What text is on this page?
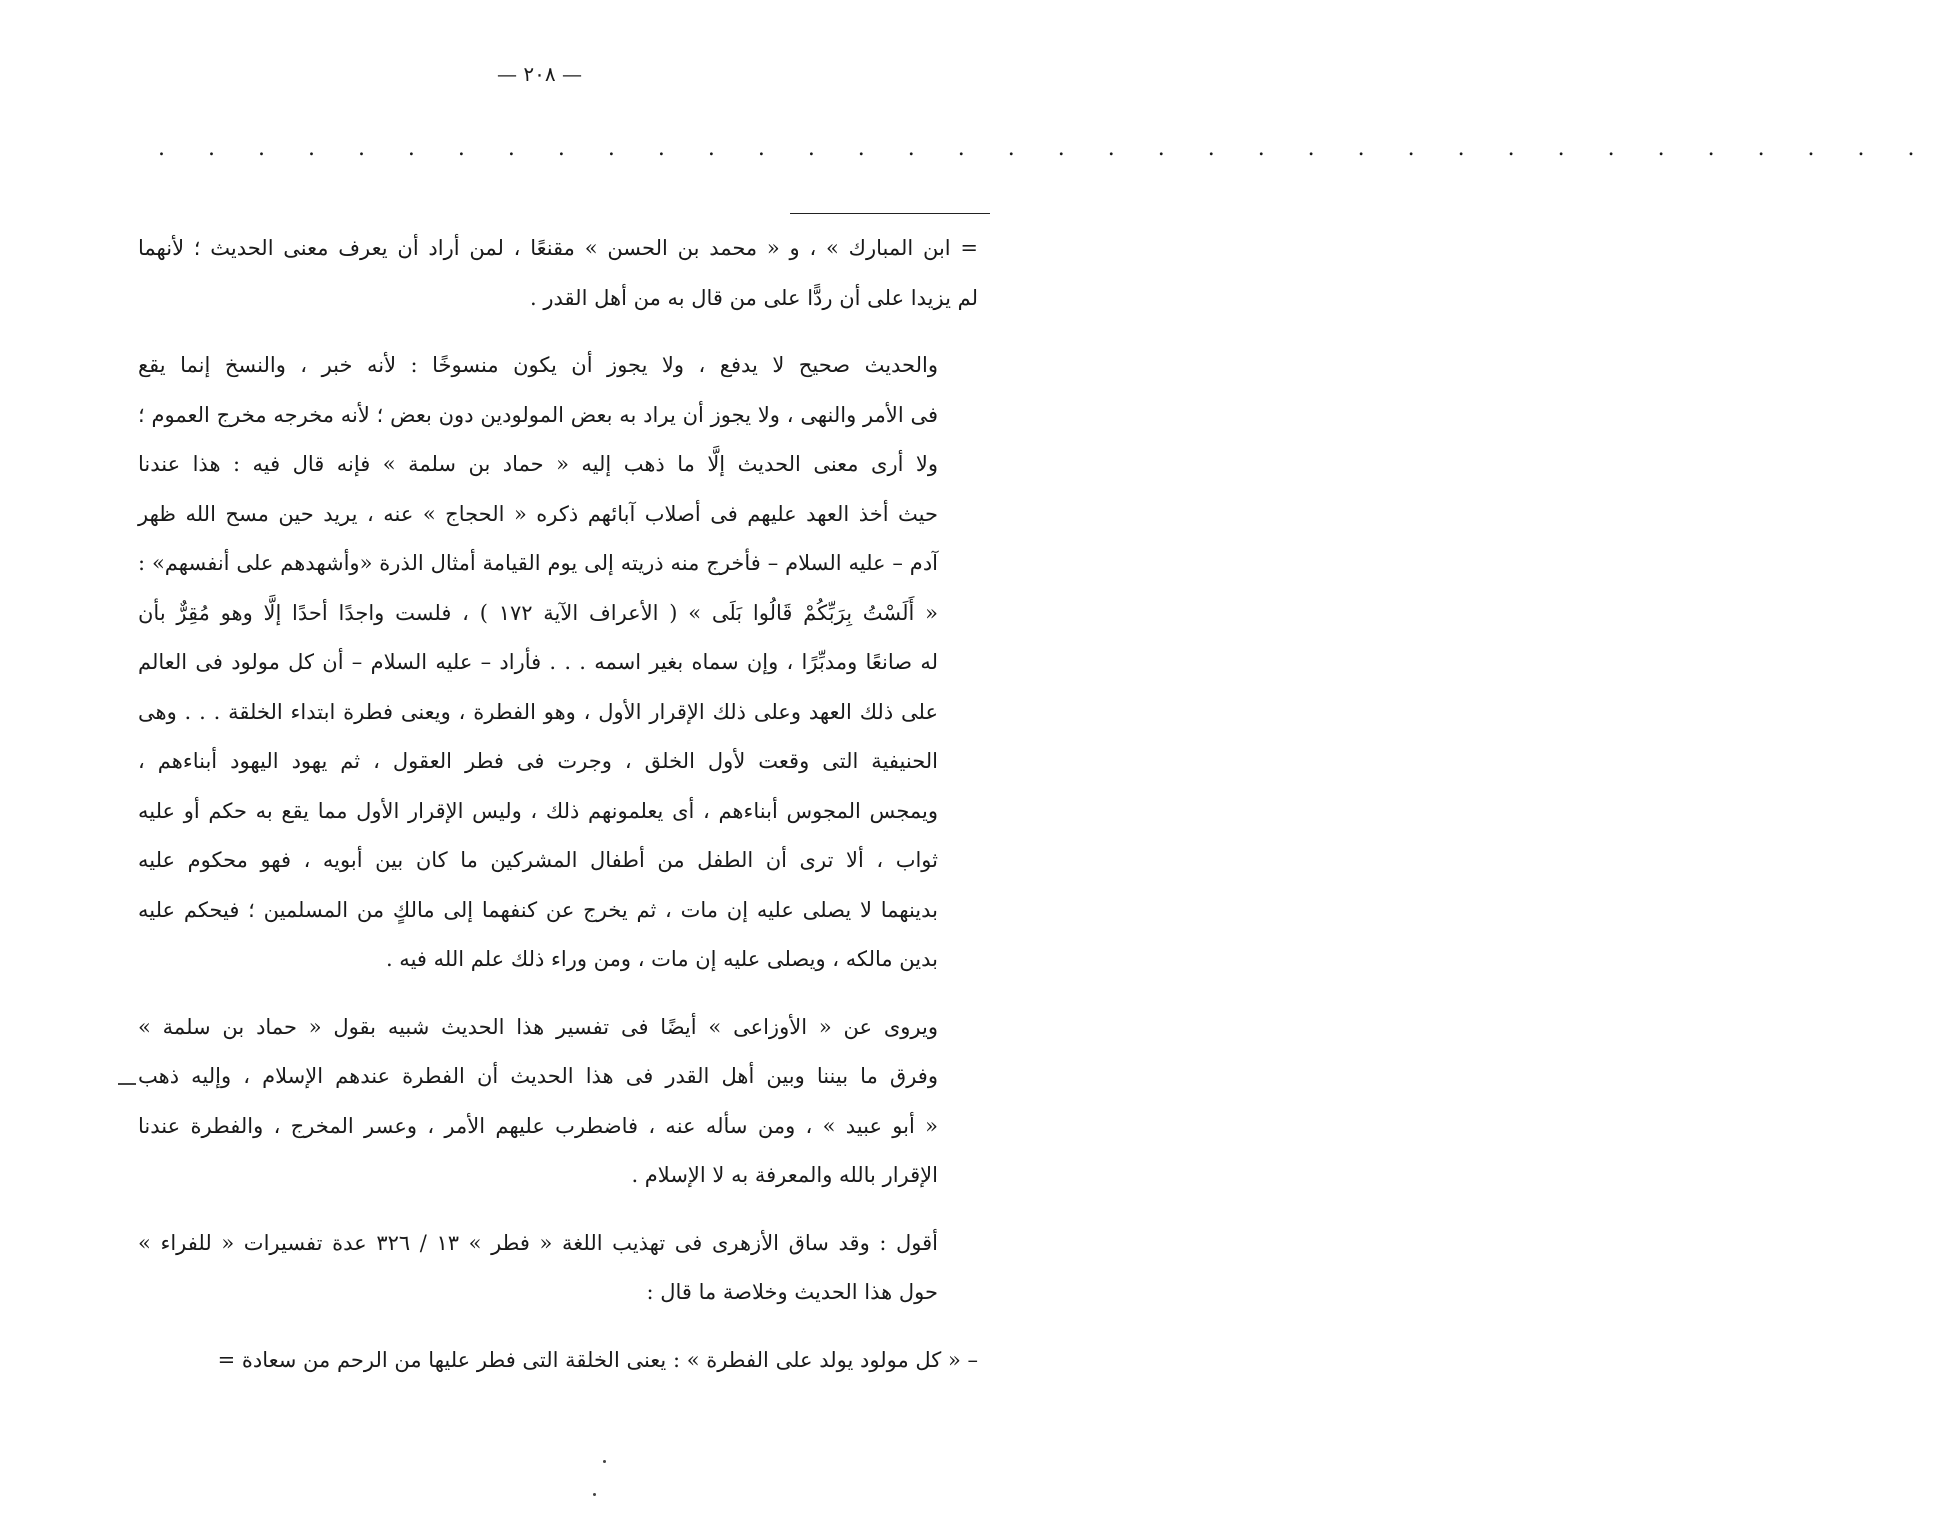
— ٢٠٨ —
. . . . . . . . . . . . . . . . . . . . . . . . . . . . . . . . . . . .

= ابن المبارك » ، و « محمد بن الحسن » مقنعًا ، لمن أراد أن يعرف معنى الحديث ؛ لأنهما
لم يزيدا على أن ردًّا على من قال به من أهل القدر .

والحديث صحيح لا يدفع ، ولا يجوز أن يكون منسوخًا : لأنه خبر ، والنسخ إنما يقع
فى الأمر والنهى ، ولا يجوز أن يراد به بعض المولودين دون بعض ؛ لأنه مخرجه مخرج العموم ؛
ولا أرى معنى الحديث إلَّا ما ذهب إليه « حماد بن سلمة » فإنه قال فيه : هذا عندنا
حيث أخذ العهد عليهم فى أصلاب آبائهم ذكره « الحجاج » عنه ، يريد حين مسح الله ظهر
آدم – عليه السلام – فأخرج منه ذريته إلى يوم القيامة أمثال الذرة «وأشهدهم على أنفسهم» :
« أَلَسْتُ بِرَبِّكُمْ قَالُوا بَلَى » ( الأعراف الآية ١٧٢ ) ، فلست واجدًا أحدًا إلَّا وهو مُقِرٌّ بأن
له صانعًا ومدبِّرًا ، وإن سماه بغير اسمه . . . فأراد – عليه السلام – أن كل مولود فى العالم
على ذلك العهد وعلى ذلك الإقرار الأول ، وهو الفطرة ، ويعنى فطرة ابتداء الخلقة . . . وهى
الحنيفية التى وقعت لأول الخلق ، وجرت فى فطر العقول ، ثم يهود اليهود أبناءهم ،
ويمجس المجوس أبناءهم ، أى يعلمونهم ذلك ، وليس الإقرار الأول مما يقع به حكم أو عليه
ثواب ، ألا ترى أن الطفل من أطفال المشركين ما كان بين أبويه ، فهو محكوم عليه
بدينهما لا يصلى عليه إن مات ، ثم يخرج عن كنفهما إلى مالكٍ من المسلمين ؛ فيحكم عليه
بدين مالكه ، ويصلى عليه إن مات ، ومن وراء ذلك علم الله فيه .

ويروى عن « الأوزاعى » أيضًا فى تفسير هذا الحديث شبيه بقول « حماد بن سلمة »
وفرق ما بيننا وبين أهل القدر فى هذا الحديث أن الفطرة عندهم الإسلام ، وإليه ذهب
« أبو عبيد » ، ومن سأله عنه ، فاضطرب عليهم الأمر ، وعسر المخرج ، والفطرة عندنا
الإقرار بالله والمعرفة به لا الإسلام .

أقول : وقد ساق الأزهرى فى تهذيب اللغة « فطر » ١٣ / ٣٢٦ عدة تفسيرات « للفراء »
حول هذا الحديث وخلاصة ما قال :

– « كل مولود يولد على الفطرة » : يعنى الخلقة التى فطر عليها من الرحم من سعادة =
